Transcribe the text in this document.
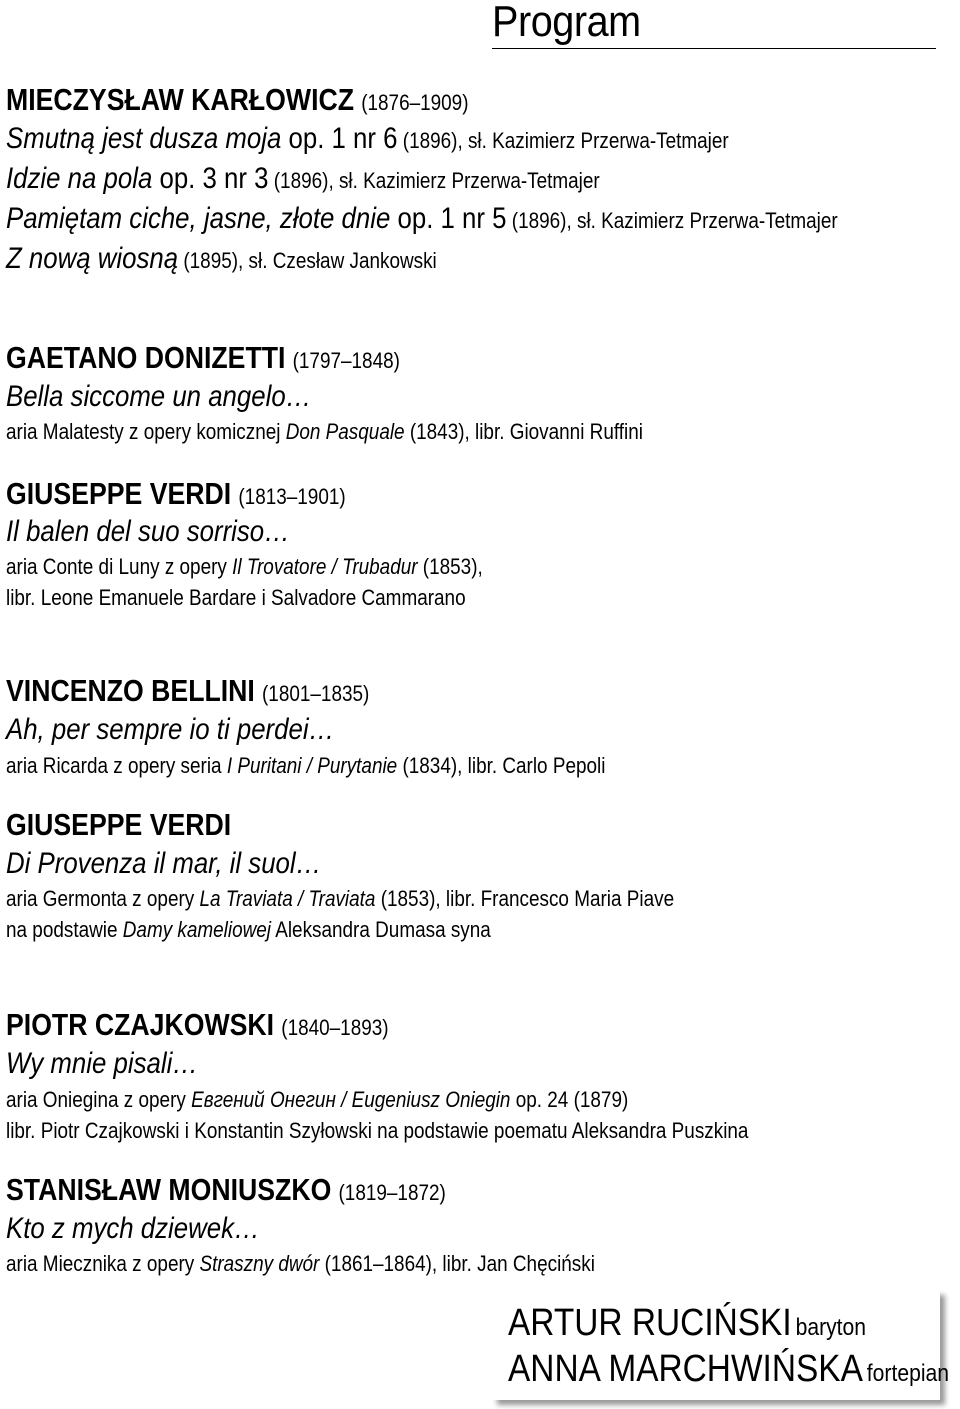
Program
MIECZYSŁAW KARŁOWICZ (1876–1909)
Smutną jest dusza moja op. 1 nr 6 (1896), sł. Kazimierz Przerwa-Tetmajer
Idzie na pola op. 3 nr 3 (1896), sł. Kazimierz Przerwa-Tetmajer
Pamiętam ciche, jasne, złote dnie op. 1 nr 5 (1896), sł. Kazimierz Przerwa-Tetmajer
Z nową wiosną (1895), sł. Czesław Jankowski
GAETANO DONIZETTI (1797–1848)
Bella siccome un angelo…
aria Malatesty z opery komicznej Don Pasquale (1843), libr. Giovanni Ruffini
GIUSEPPE VERDI (1813–1901)
Il balen del suo sorriso…
aria Conte di Luny z opery Il Trovatore / Trubadur (1853),
libr. Leone Emanuele Bardare i Salvadore Cammarano
VINCENZO BELLINI (1801–1835)
Ah, per sempre io ti perdei…
aria Ricarda z opery seria I Puritani / Purytanie (1834), libr. Carlo Pepoli
GIUSEPPE VERDI
Di Provenza il mar, il suol…
aria Germonta z opery La Traviata / Traviata (1853), libr. Francesco Maria Piave
na podstawie Damy kameliowej Aleksandra Dumasa syna
PIOTR CZAJKOWSKI (1840–1893)
Wy mnie pisali…
aria Oniegina z opery Евгений Онегин / Eugeniusz Oniegin op. 24 (1879)
libr. Piotr Czajkowski i Konstantin Szyłowski na podstawie poematu Aleksandra Puszkina
STANISŁAW MONIUSZKO (1819–1872)
Kto z mych dziewek…
aria Miecznika z opery Straszny dwór (1861–1864), libr. Jan Chęciński
ARTUR RUCIŃSKI baryton
ANNA MARCHWIŃSKA fortepian
